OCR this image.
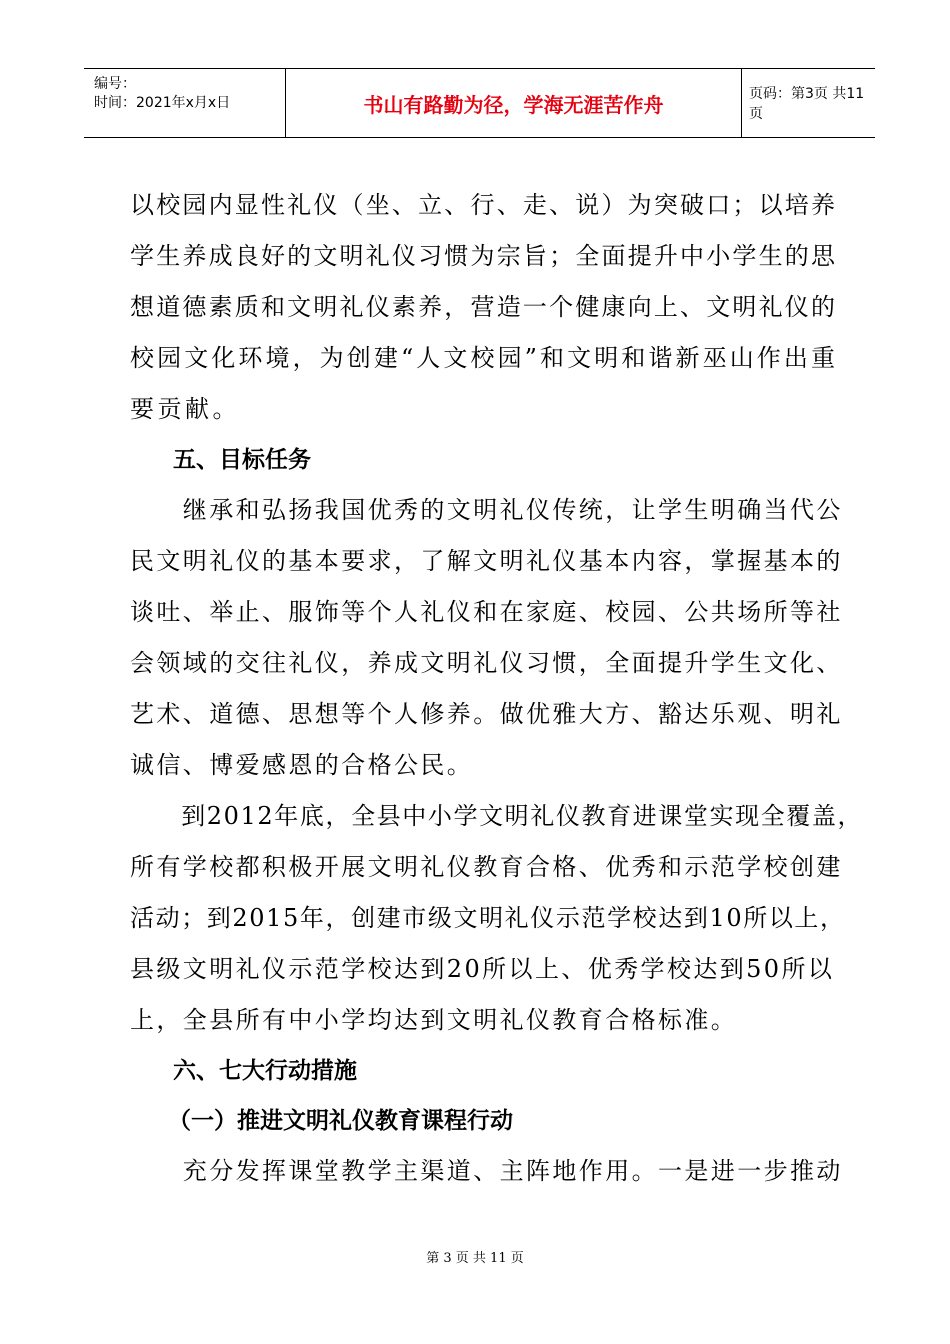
编号：
时间：2021年x月x日	书山有路勤为径，学海无涯苦作舟	页码：第3页 共11页
以校园内显性礼仪（坐、立、行、走、说）为突破口；以培养
学生养成良好的文明礼仪习惯为宗旨；全面提升中小学生的思
想道德素质和文明礼仪素养，营造一个健康向上、文明礼仪的
校园文化环境，为创建“人文校园”和文明和谐新巫山作出重
要贡献。
五、目标任务
　　继承和弘扬我国优秀的文明礼仪传统，让学生明确当代公
民文明礼仪的基本要求，了解文明礼仪基本内容，掌握基本的
谈吐、举止、服饰等个人礼仪和在家庭、校园、公共场所等社
会领域的交往礼仪，养成文明礼仪习惯，全面提升学生文化、
艺术、道德、思想等个人修养。做优雅大方、豁达乐观、明礼
诚信、博爱感恩的合格公民。
　　到2012年底，全县中小学文明礼仪教育进课堂实现全覆盖，
所有学校都积极开展文明礼仪教育合格、优秀和示范学校创建
活动；到2015年，创建市级文明礼仪示范学校达到10所以上，
县级文明礼仪示范学校达到20所以上、优秀学校达到50所以
上，全县所有中小学均达到文明礼仪教育合格标准。
六、七大行动措施
（一）推进文明礼仪教育课程行动
　　充分发挥课堂教学主渠道、主阵地作用。一是进一步推动
第 3 页 共 11 页
